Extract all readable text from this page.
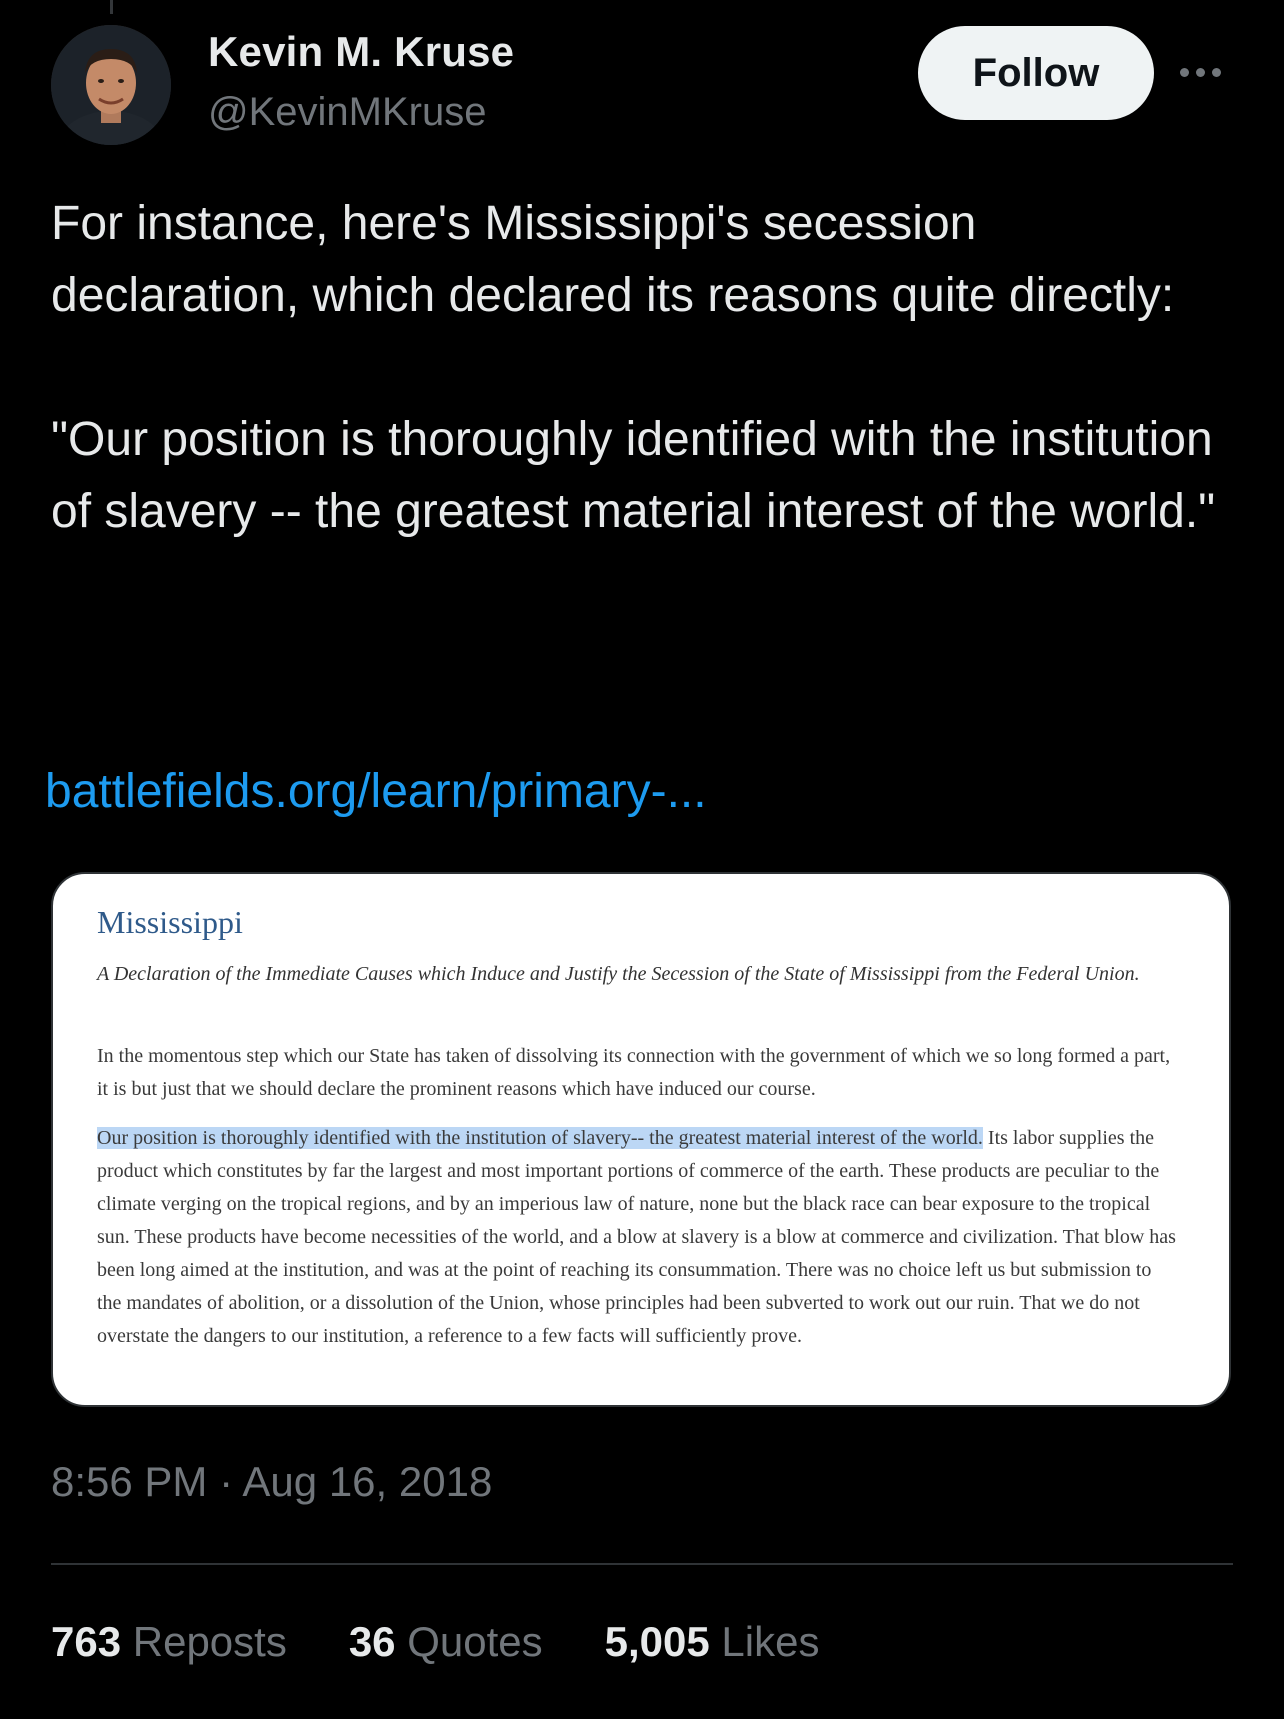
Kevin M. Kruse
@KevinMKruse
Follow

For instance, here's Mississippi's secession declaration, which declared its reasons quite directly:

"Our position is thoroughly identified with the institution of slavery -- the greatest material interest of the world."

battlefields.org/learn/primary-...
Mississippi

A Declaration of the Immediate Causes which Induce and Justify the Secession of the State of Mississippi from the Federal Union.

In the momentous step which our State has taken of dissolving its connection with the government of which we so long formed a part, it is but just that we should declare the prominent reasons which have induced our course.

Our position is thoroughly identified with the institution of slavery-- the greatest material interest of the world. Its labor supplies the product which constitutes by far the largest and most important portions of commerce of the earth. These products are peculiar to the climate verging on the tropical regions, and by an imperious law of nature, none but the black race can bear exposure to the tropical sun. These products have become necessities of the world, and a blow at slavery is a blow at commerce and civilization. That blow has been long aimed at the institution, and was at the point of reaching its consummation. There was no choice left us but submission to the mandates of abolition, or a dissolution of the Union, whose principles had been subverted to work out our ruin. That we do not overstate the dangers to our institution, a reference to a few facts will sufficiently prove.

8:56 PM · Aug 16, 2018
763 Reposts 36 Quotes 5,005 Likes
